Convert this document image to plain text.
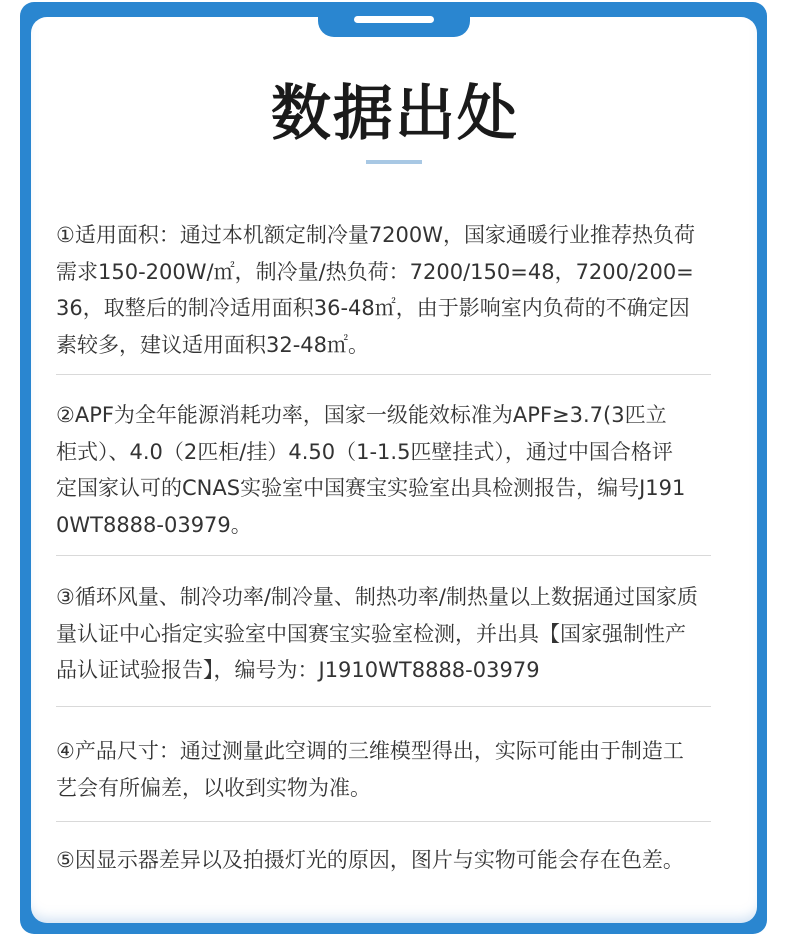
数据出处
①适用面积：通过本机额定制冷量7200W，国家通暖行业推荐热负荷
需求150-200W/㎡，制冷量/热负荷：7200/150=48，7200/200=
36，取整后的制冷适用面积36-48㎡，由于影响室内负荷的不确定因
素较多，建议适用面积32-48㎡。
②APF为全年能源消耗功率，国家一级能效标准为APF≥3.7(3匹立
柜式）、4.0（2匹柜/挂）4.50（1-1.5匹壁挂式），通过中国合格评
定国家认可的CNAS实验室中国赛宝实验室出具检测报告，编号J191
0WT8888-03979。
③循环风量、制冷功率/制冷量、制热功率/制热量以上数据通过国家质
量认证中心指定实验室中国赛宝实验室检测，并出具【国家强制性产
品认证试验报告】，编号为：J1910WT8888-03979
④产品尺寸：通过测量此空调的三维模型得出，实际可能由于制造工
艺会有所偏差，以收到实物为准。
⑤因显示器差异以及拍摄灯光的原因，图片与实物可能会存在色差。
